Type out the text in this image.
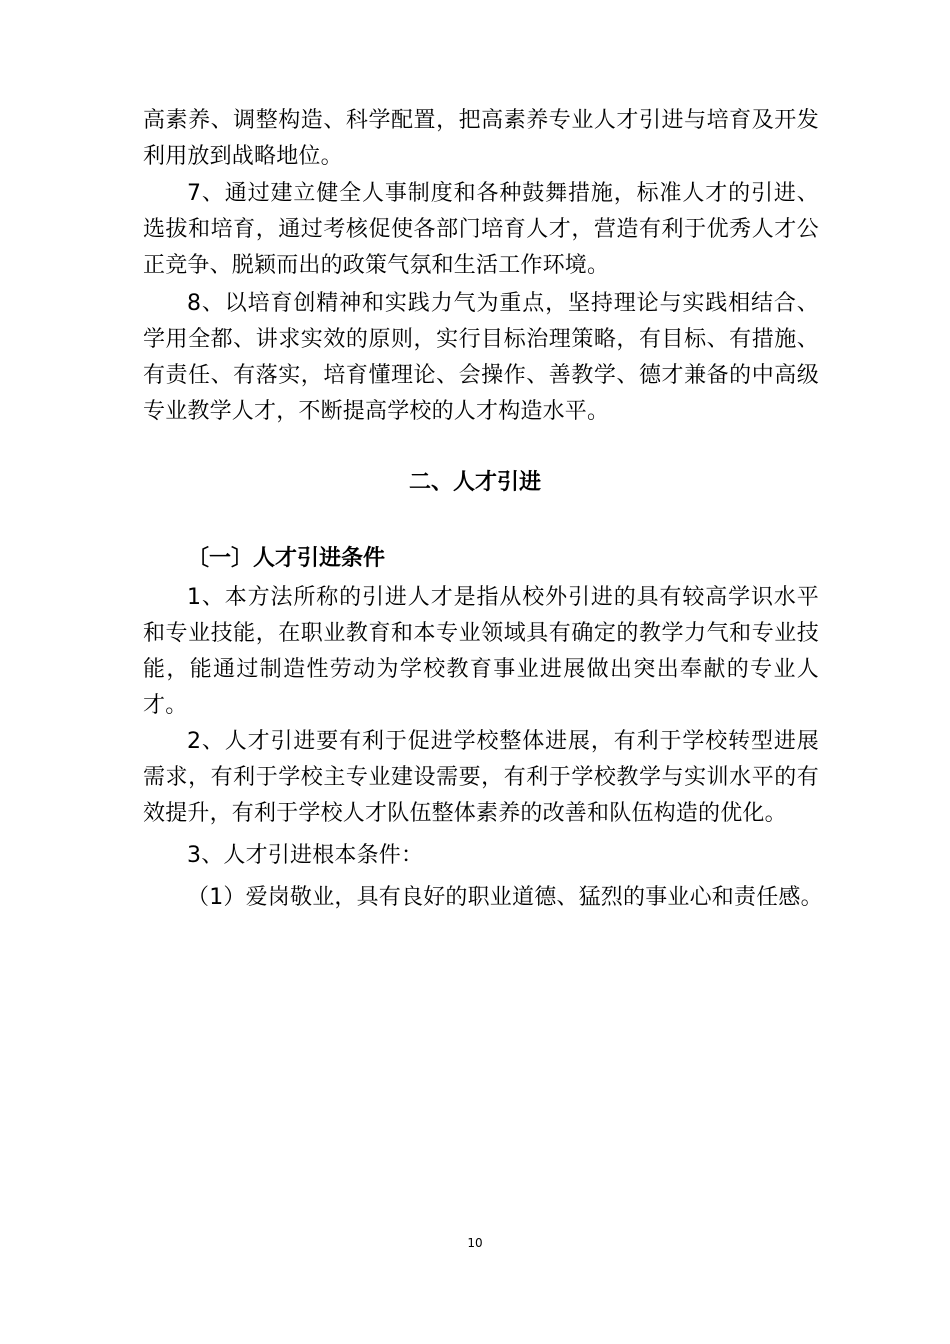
高素养、调整构造、科学配置，把高素养专业人才引进与培育及开发利用放到战略地位。

7、通过建立健全人事制度和各种鼓舞措施，标准人才的引进、选拔和培育，通过考核促使各部门培育人才，营造有利于优秀人才公正竞争、脱颖而出的政策气氛和生活工作环境。

8、以培育创精神和实践力气为重点，坚持理论与实践相结合、学用全都、讲求实效的原则，实行目标治理策略，有目标、有措施、有责任、有落实，培育懂理论、会操作、善教学、德才兼备的中高级专业教学人才，不断提高学校的人才构造水平。

二、人才引进
〔一〕人才引进条件

1、本方法所称的引进人才是指从校外引进的具有较高学识水平和专业技能，在职业教育和本专业领域具有确定的教学力气和专业技能，能通过制造性劳动为学校教育事业进展做出突出奉献的专业人才。

2、人才引进要有利于促进学校整体进展，有利于学校转型进展需求，有利于学校主专业建设需要，有利于学校教学与实训水平的有效提升，有利于学校人才队伍整体素养的改善和队伍构造的优化。

3、人才引进根本条件：

（1）爱岗敬业，具有良好的职业道德、猛烈的事业心和责任感。

10
